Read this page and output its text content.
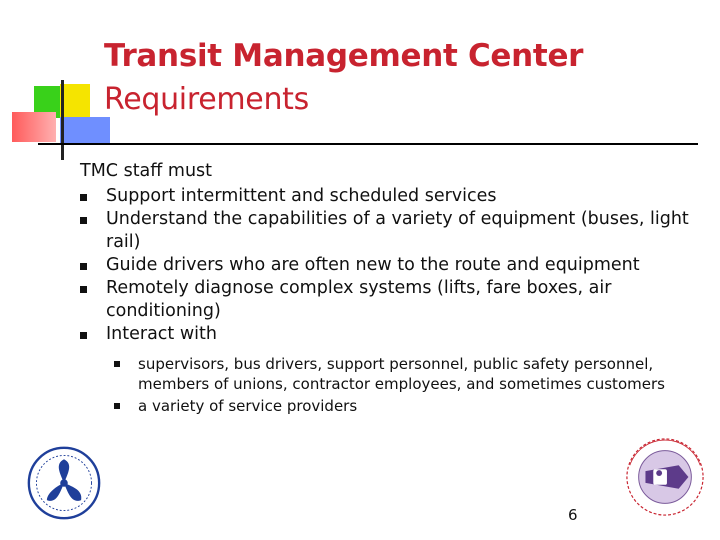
Transit Management Center
Requirements

TMC staff must

Support intermittent and scheduled services

Understand the capabilities of a variety of equipment (buses, light rail)

Guide drivers who are often new to the route and equipment

Remotely diagnose complex systems (lifts, fare boxes, air conditioning)

Interact with

supervisors, bus drivers, support personnel, public safety personnel, members of unions, contractor employees, and sometimes customers

a variety of service providers

6
